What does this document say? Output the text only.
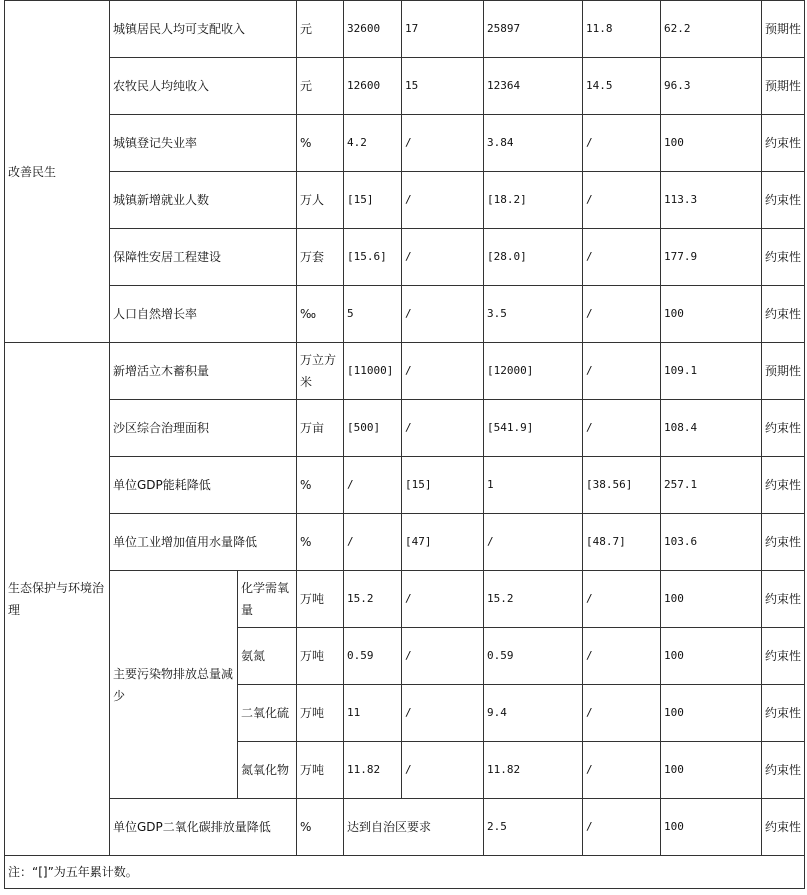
改善民生	城镇居民人均可支配收入		元	32600	17	25897	11.8	62.2	预期性
	农牧民人均纯收入		元	12600	15	12364	14.5	96.3	预期性
	城镇登记失业率		%	4.2	/	3.84	/	100	约束性
	城镇新增就业人数		万人	[15]	/	[18.2]	/	113.3	约束性
	保障性安居工程建设		万套	[15.6]	/	[28.0]	/	177.9	约束性
	人口自然增长率		‰	5	/	3.5	/	100	约束性
生态保护与环境治理	新增活立木蓄积量		万立方米	[11000]	/	[12000]	/	109.1	预期性
	沙区综合治理面积		万亩	[500]	/	[541.9]	/	108.4	约束性
	单位GDP能耗降低		%	/	[15]	1	[38.56]	257.1	约束性
	单位工业增加值用水量降低		%	/	[47]	/	[48.7]	103.6	约束性
	主要污染物排放总量减少	化学需氧量	万吨	15.2	/	15.2	/	100	约束性
		氨氮	万吨	0.59	/	0.59	/	100	约束性
		二氧化硫	万吨	11	/	9.4	/	100	约束性
		氮氧化物	万吨	11.82	/	11.82	/	100	约束性
	单位GDP二氧化碳排放量降低		%	达到自治区要求		2.5	/	100	约束性
注：“[]”为五年累计数。									
